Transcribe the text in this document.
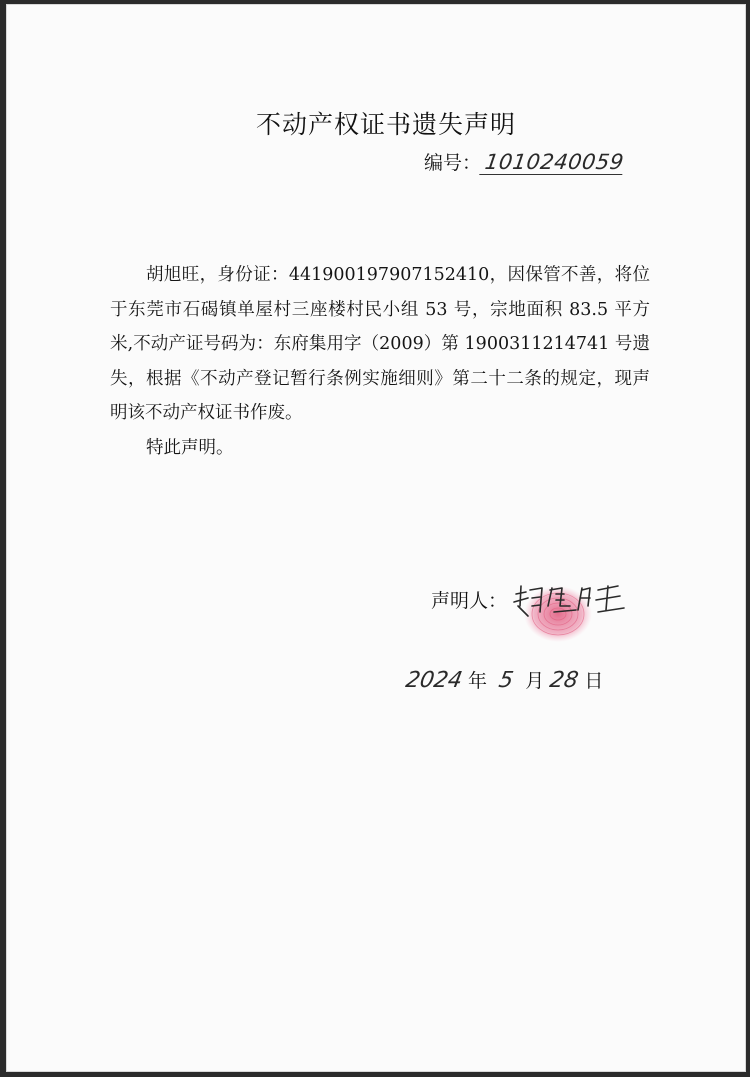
不动产权证书遗失声明
编号： 1010240059

胡旭旺，身份证：441900197907152410，因保管不善，将位于东莞市石碣镇单屋村三座楼村民小组 53 号，宗地面积 83.5 平方米,不动产证号码为：东府集用字（2009）第 1900311214741 号遗失，根据《不动产登记暂行条例实施细则》第二十二条的规定，现声明该不动产权证书作废。

特此声明。

声明人：
2024 年 5 月 28 日
